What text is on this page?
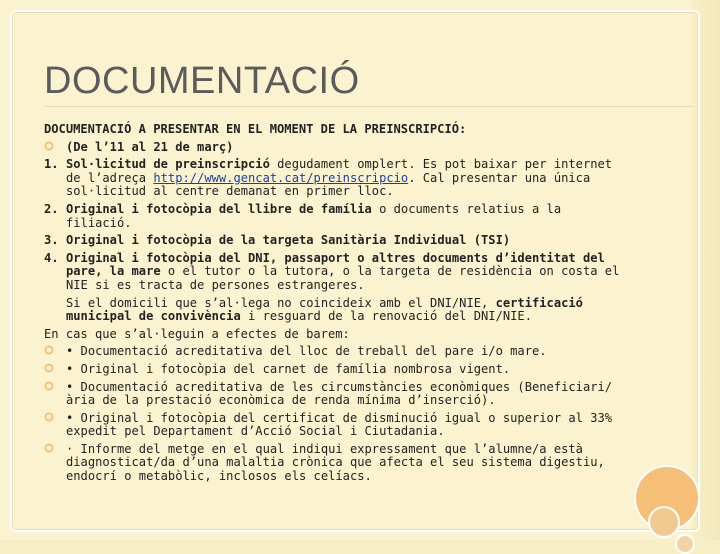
DOCUMENTACIÓ

DOCUMENTACIÓ A PRESENTAR EN EL MOMENT DE LA PREINSCRIPCIÓ:

(De l’11 al 21 de març)

1. Sol·licitud de preinscripció degudament omplert. Es pot baixar per internet de l’adreça http://www.gencat.cat/preinscripcio. Cal presentar una única sol·licitud al centre demanat en primer lloc.

2. Original i fotocòpia del llibre de família o documents relatius a la filiació.

3. Original i fotocòpia de la targeta Sanitària Individual (TSI)

4. Original i fotocòpia del DNI, passaport o altres documents d’identitat del pare, la mare o el tutor o la tutora, o la targeta de residència on costa el NIE si es tracta de persones estrangeres.

Si el domicili que s’al·lega no coincideix amb el DNI/NIE, certificació municipal de convivència i resguard de la renovació del DNI/NIE.

En cas que s’al·leguin a efectes de barem:

• Documentació acreditativa del lloc de treball del pare i/o mare.

• Original i fotocòpia del carnet de família nombrosa vigent.

• Documentació acreditativa de les circumstàncies econòmiques (Beneficiari/ària de la prestació econòmica de renda mínima d’inserció).

• Original i fotocòpia del certificat de disminució igual o superior al 33% expedit pel Departament d’Acció Social i Ciutadania.

· Informe del metge en el qual indiqui expressament que l’alumne/a està diagnosticat/da d’una malaltia crònica que afecta el seu sistema digestiu, endocrí o metabòlic, inclosos els celíacs.
